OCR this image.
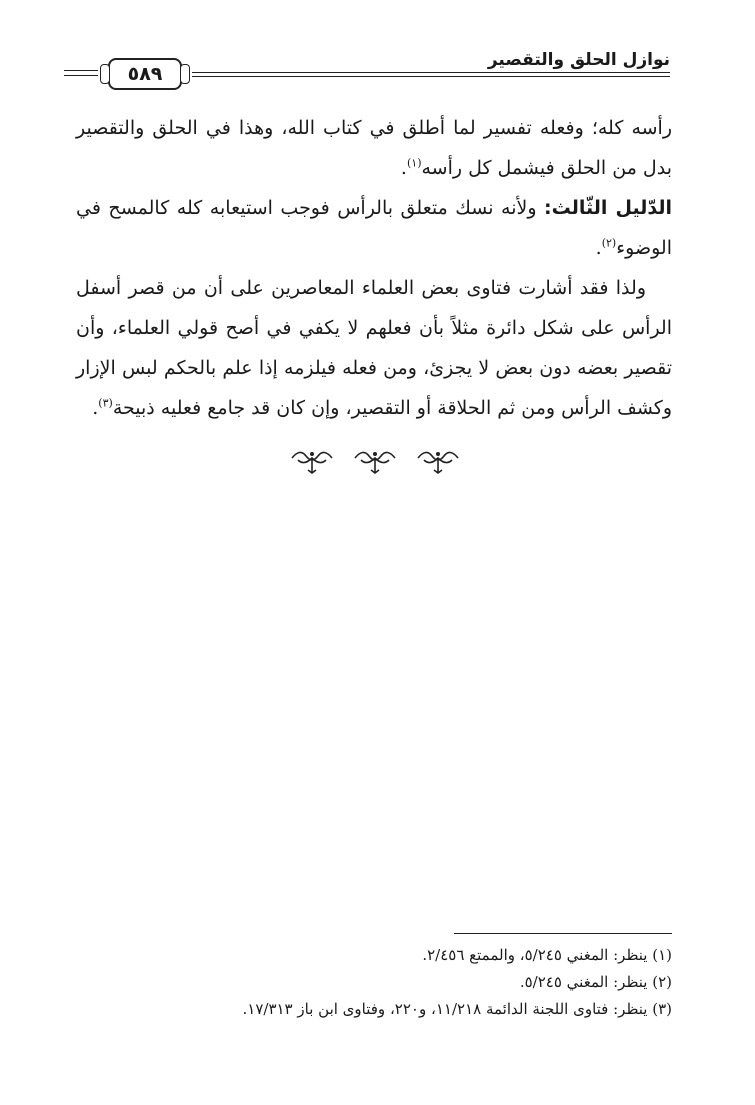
نوازل الحلق والتقصير
٥٨٩

رأسه كله؛ وفعله تفسير لما أطلق في كتاب الله، وهذا في الحلق والتقصير بدل من الحلق فيشمل كل رأسه$^{(١)}$.

الدّليل الثّالث: ولأنه نسك متعلق بالرأس فوجب استيعابه كله كالمسح في الوضوء$^{(٢)}$.

ولذا فقد أشارت فتاوى بعض العلماء المعاصرين على أن من قصر أسفل الرأس على شكل دائرة مثلاً بأن فعلهم لا يكفي في أصح قولي العلماء، وأن تقصير بعضه دون بعض لا يجزئ، ومن فعله فيلزمه إذا علم بالحكم لبس الإزار وكشف الرأس ومن ثم الحلاقة أو التقصير، وإن كان قد جامع فعليه ذبيحة$^{(٣)}$.

(١) ينظر: المغني ٥/٢٤٥، والممتع ٢/٤٥٦.
(٢) ينظر: المغني ٥/٢٤٥.
(٣) ينظر: فتاوى اللجنة الدائمة ١١/٢١٨، و٢٢٠، وفتاوى ابن باز ١٧/٣١٣.
